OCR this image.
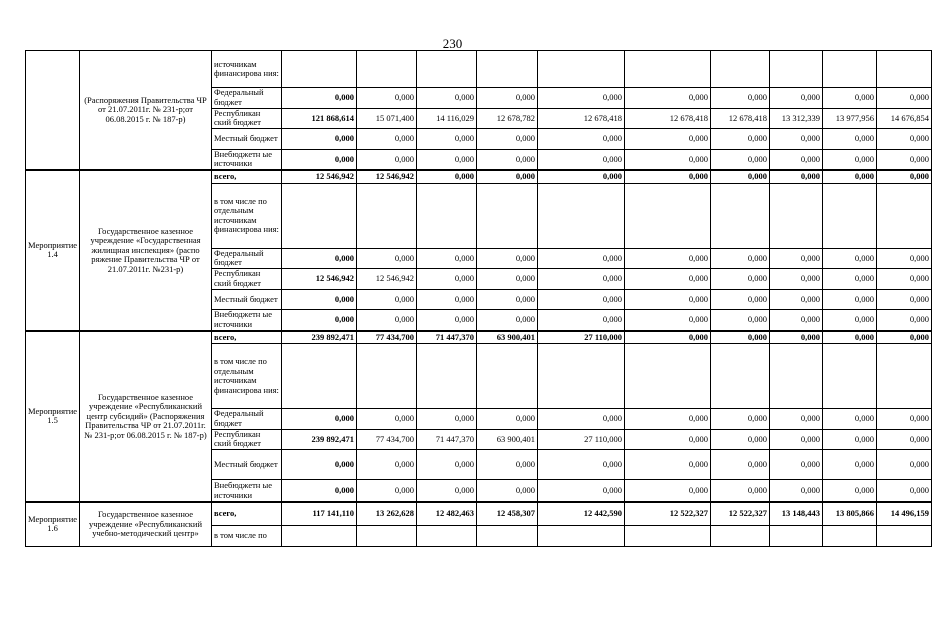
230
	(Распоряжения Правительства ЧР от 21.07.2011г. № 231-р;от 06.08.2015 г. № 187-р)	источникам финансирова ния:										
		Федеральный бюджет	0,000	0,000	0,000	0,000	0,000	0,000	0,000	0,000	0,000	0,000
		Республикан ский бюджет	121 868,614	15 071,400	14 116,029	12 678,782	12 678,418	12 678,418	12 678,418	13 312,339	13 977,956	14 676,854
		Местный бюджет	0,000	0,000	0,000	0,000	0,000	0,000	0,000	0,000	0,000	0,000
		Внебюджетн ые источники	0,000	0,000	0,000	0,000	0,000	0,000	0,000	0,000	0,000	0,000
Мероприятие 1.4	Государственное казенное учреждение «Государственная жилищная инспекция» (распо ряжение Правительства ЧР от 21.07.2011г. №231-р)	всего,	12 546,942	12 546,942	0,000	0,000	0,000	0,000	0,000	0,000	0,000	0,000
		в том числе по отдельным источникам финансирова ния:										
		Федеральный бюджет	0,000	0,000	0,000	0,000	0,000	0,000	0,000	0,000	0,000	0,000
		Республикан ский бюджет	12 546,942	12 546,942	0,000	0,000	0,000	0,000	0,000	0,000	0,000	0,000
		Местный бюджет	0,000	0,000	0,000	0,000	0,000	0,000	0,000	0,000	0,000	0,000
		Внебюджетн ые источники	0,000	0,000	0,000	0,000	0,000	0,000	0,000	0,000	0,000	0,000
Мероприятие 1.5	Государственное казенное учреждение «Республиканский центр субсидий» (Распоряжения Правительства ЧР от 21.07.2011г. № 231-р;от 06.08.2015 г. № 187-р)	всего,	239 892,471	77 434,700	71 447,370	63 900,401	27 110,000	0,000	0,000	0,000	0,000	0,000
		в том числе по отдельным источникам финансирова ния:										
		Федеральный бюджет	0,000	0,000	0,000	0,000	0,000	0,000	0,000	0,000	0,000	0,000
		Республикан ский бюджет	239 892,471	77 434,700	71 447,370	63 900,401	27 110,000	0,000	0,000	0,000	0,000	0,000
		Местный бюджет	0,000	0,000	0,000	0,000	0,000	0,000	0,000	0,000	0,000	0,000
		Внебюджетн ые источники	0,000	0,000	0,000	0,000	0,000	0,000	0,000	0,000	0,000	0,000
Мероприятие 1.6	Государственное казенное учреждение «Республиканский учебно-методический центр»	всего,	117 141,110	13 262,628	12 482,463	12 458,307	12 442,590	12 522,327	12 522,327	13 148,443	13 805,866	14 496,159
		в том числе по										
